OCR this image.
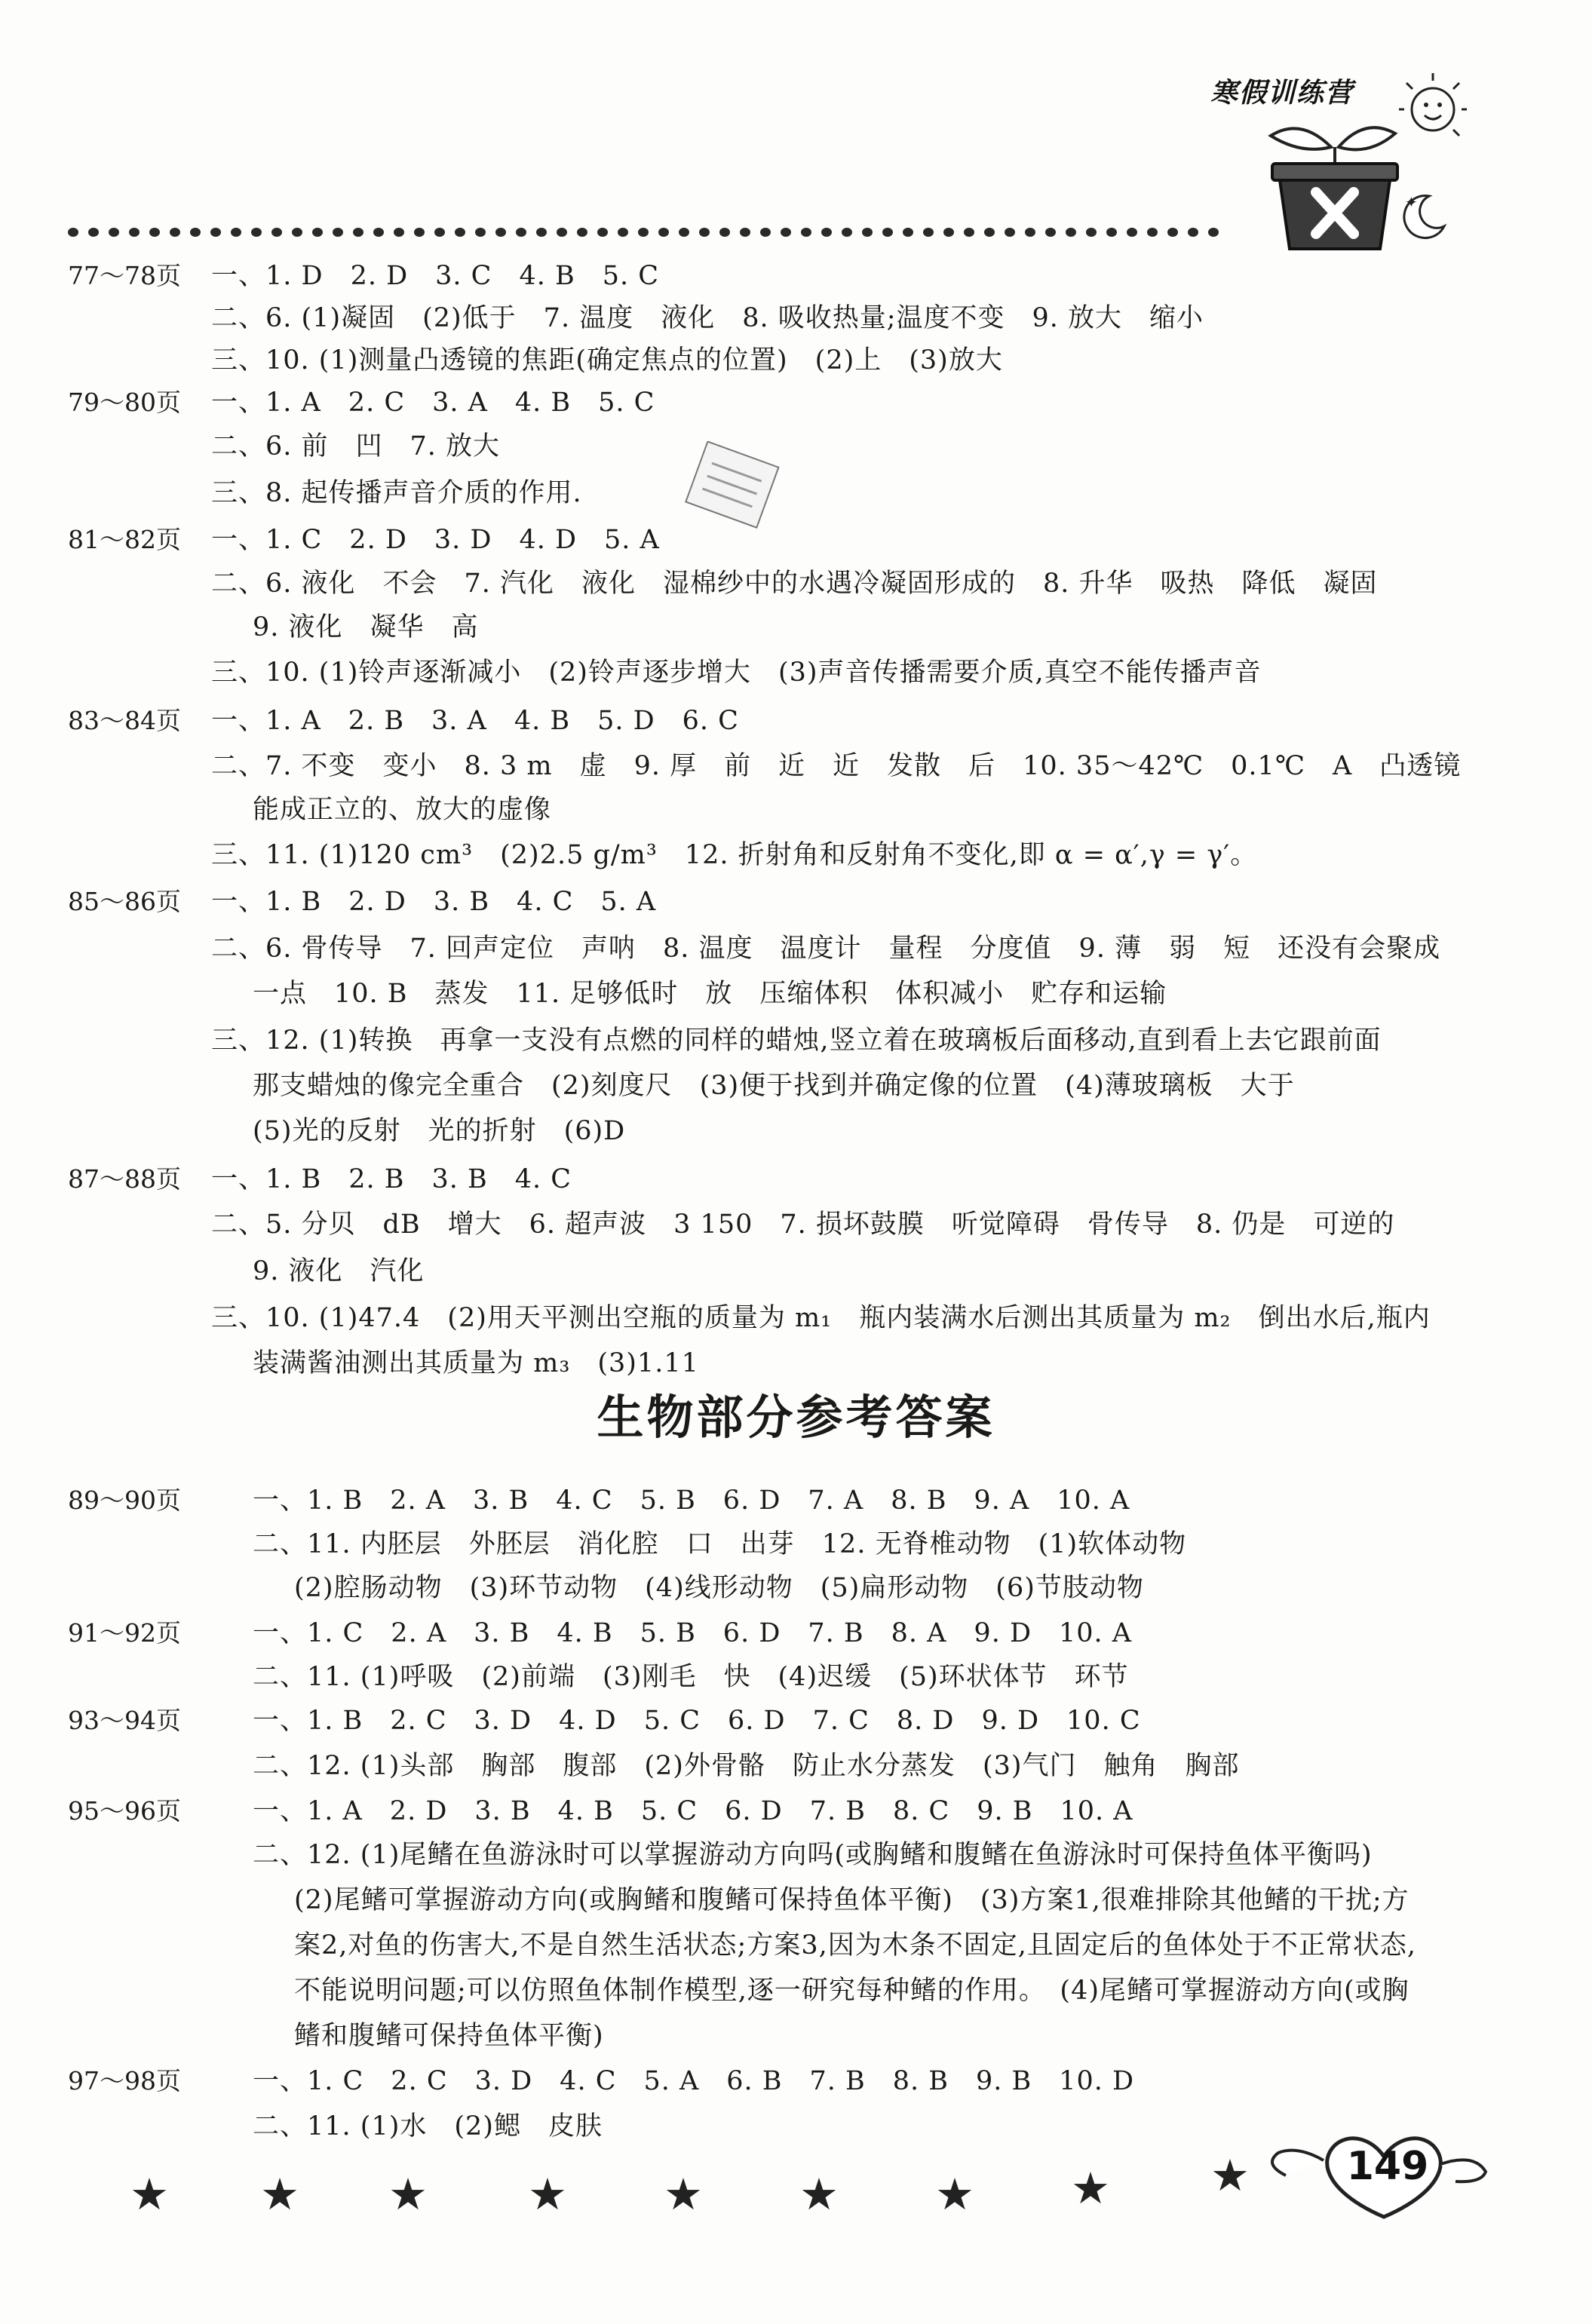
✦
寒假训练营
77～78页 一、1. D　2. D　3. C　4. B　5. C
二、6. (1)凝固　(2)低于　7. 温度　液化　8. 吸收热量;温度不变　9. 放大　缩小
三、10. (1)测量凸透镜的焦距(确定焦点的位置)　(2)上　(3)放大
79～80页 一、1. A　2. C　3. A　4. B　5. C
二、6. 前　凹　7. 放大
三、8. 起传播声音介质的作用.
81～82页 一、1. C　2. D　3. D　4. D　5. A
二、6. 液化　不会　7. 汽化　液化　湿棉纱中的水遇冷凝固形成的　8. 升华　吸热　降低　凝固
9. 液化　凝华　高
三、10. (1)铃声逐渐减小　(2)铃声逐步增大　(3)声音传播需要介质,真空不能传播声音
83～84页 一、1. A　2. B　3. A　4. B　5. D　6. C
二、7. 不变　变小　8. 3 m　虚　9. 厚　前　近　近　发散　后　10. 35～42℃　0.1℃　A　凸透镜
能成正立的、放大的虚像
三、11. (1)120 cm³　(2)2.5 g/m³　12. 折射角和反射角不变化,即 α = α′,γ = γ′。
85～86页 一、1. B　2. D　3. B　4. C　5. A
二、6. 骨传导　7. 回声定位　声呐　8. 温度　温度计　量程　分度值　9. 薄　弱　短　还没有会聚成
一点　10. B　蒸发　11. 足够低时　放　压缩体积　体积减小　贮存和运输
三、12. (1)转换　再拿一支没有点燃的同样的蜡烛,竖立着在玻璃板后面移动,直到看上去它跟前面
那支蜡烛的像完全重合　(2)刻度尺　(3)便于找到并确定像的位置　(4)薄玻璃板　大于
(5)光的反射　光的折射　(6)D
87～88页 一、1. B　2. B　3. B　4. C
二、5. 分贝　dB　增大　6. 超声波　3 150　7. 损坏鼓膜　听觉障碍　骨传导　8. 仍是　可逆的
9. 液化　汽化
三、10. (1)47.4　(2)用天平测出空瓶的质量为 m₁　瓶内装满水后测出其质量为 m₂　倒出水后,瓶内
装满酱油测出其质量为 m₃　(3)1.11
生物部分参考答案
89～90页	一、1. B　2. A　3. B　4. C　5. B　6. D　7. A　8. B　9. A　10. A
二、11. 内胚层　外胚层　消化腔　口　出芽　12. 无脊椎动物　(1)软体动物
(2)腔肠动物　(3)环节动物　(4)线形动物　(5)扁形动物　(6)节肢动物
91～92页	一、1. C　2. A　3. B　4. B　5. B　6. D　7. B　8. A　9. D　10. A
二、11. (1)呼吸　(2)前端　(3)刚毛　快　(4)迟缓　(5)环状体节　环节
93～94页	一、1. B　2. C　3. D　4. D　5. C　6. D　7. C　8. D　9. D　10. C
二、12. (1)头部　胸部　腹部　(2)外骨骼　防止水分蒸发　(3)气门　触角　胸部
95～96页	一、1. A　2. D　3. B　4. B　5. C　6. D　7. B　8. C　9. B　10. A
二、12. (1)尾鳍在鱼游泳时可以掌握游动方向吗(或胸鳍和腹鳍在鱼游泳时可保持鱼体平衡吗)
(2)尾鳍可掌握游动方向(或胸鳍和腹鳍可保持鱼体平衡)　(3)方案1,很难排除其他鳍的干扰;方
案2,对鱼的伤害大,不是自然生活状态;方案3,因为木条不固定,且固定后的鱼体处于不正常状态,
不能说明问题;可以仿照鱼体制作模型,逐一研究每种鳍的作用。　(4)尾鳍可掌握游动方向(或胸
鳍和腹鳍可保持鱼体平衡)
97～98页	一、1. C　2. C　3. D　4. C　5. A　6. B　7. B　8. B　9. B　10. D
二、11. (1)水　(2)鳃　皮肤
★ ★ ★ ★ ★ ★ ★ ★ ★ 149
